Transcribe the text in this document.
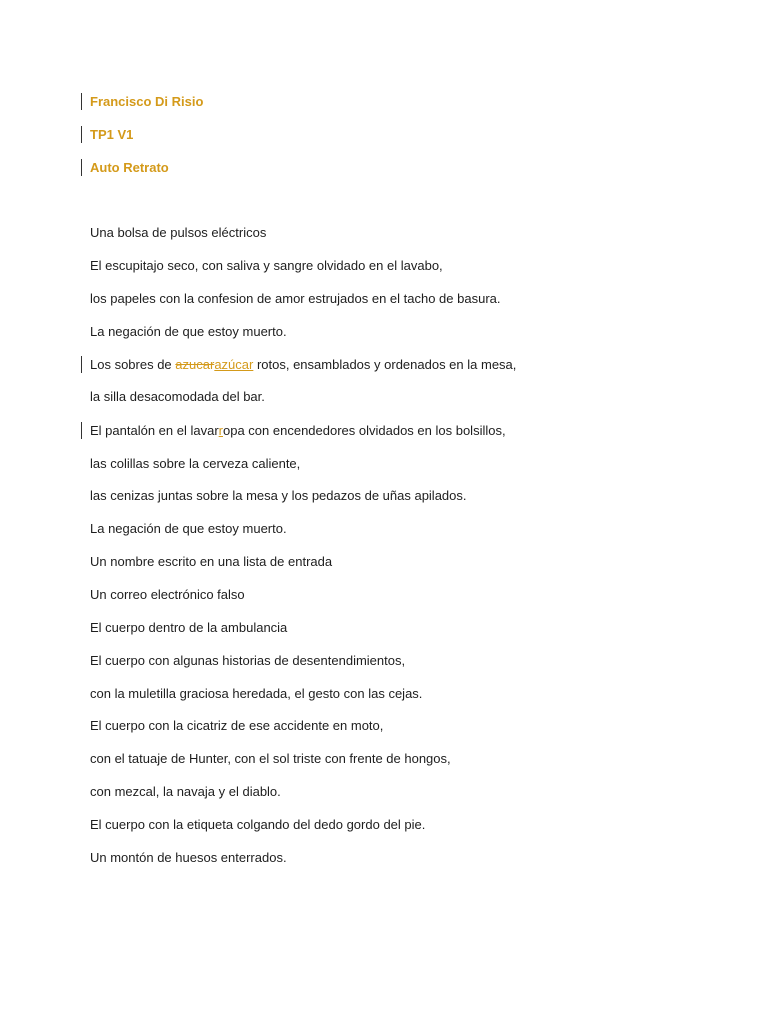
Francisco Di Risio

TP1 V1

Auto Retrato

Una bolsa de pulsos eléctricos

El escupitajo seco, con saliva y sangre olvidado en el lavabo,

los papeles con la confesion de amor estrujados en el tacho de basura.

La negación de que estoy muerto.

Los sobres de azucarazúcar rotos, ensamblados y ordenados en la mesa,

la silla desacomodada del bar.

El pantalón en el lavarropa con encendedores olvidados en los bolsillos,

las colillas sobre la cerveza caliente,

las cenizas juntas sobre la mesa y los pedazos de uñas apilados.

La negación de que estoy muerto.

Un nombre escrito en una lista de entrada

Un correo electrónico falso

El cuerpo dentro de la ambulancia

El cuerpo con algunas historias de desentendimientos,

con la muletilla graciosa heredada, el gesto con las cejas.

El cuerpo con la cicatriz de ese accidente en moto,

con el tatuaje de Hunter, con el sol triste con frente de hongos,

con mezcal, la navaja y el diablo.

El cuerpo con la etiqueta colgando del dedo gordo del pie.

Un montón de huesos enterrados.
